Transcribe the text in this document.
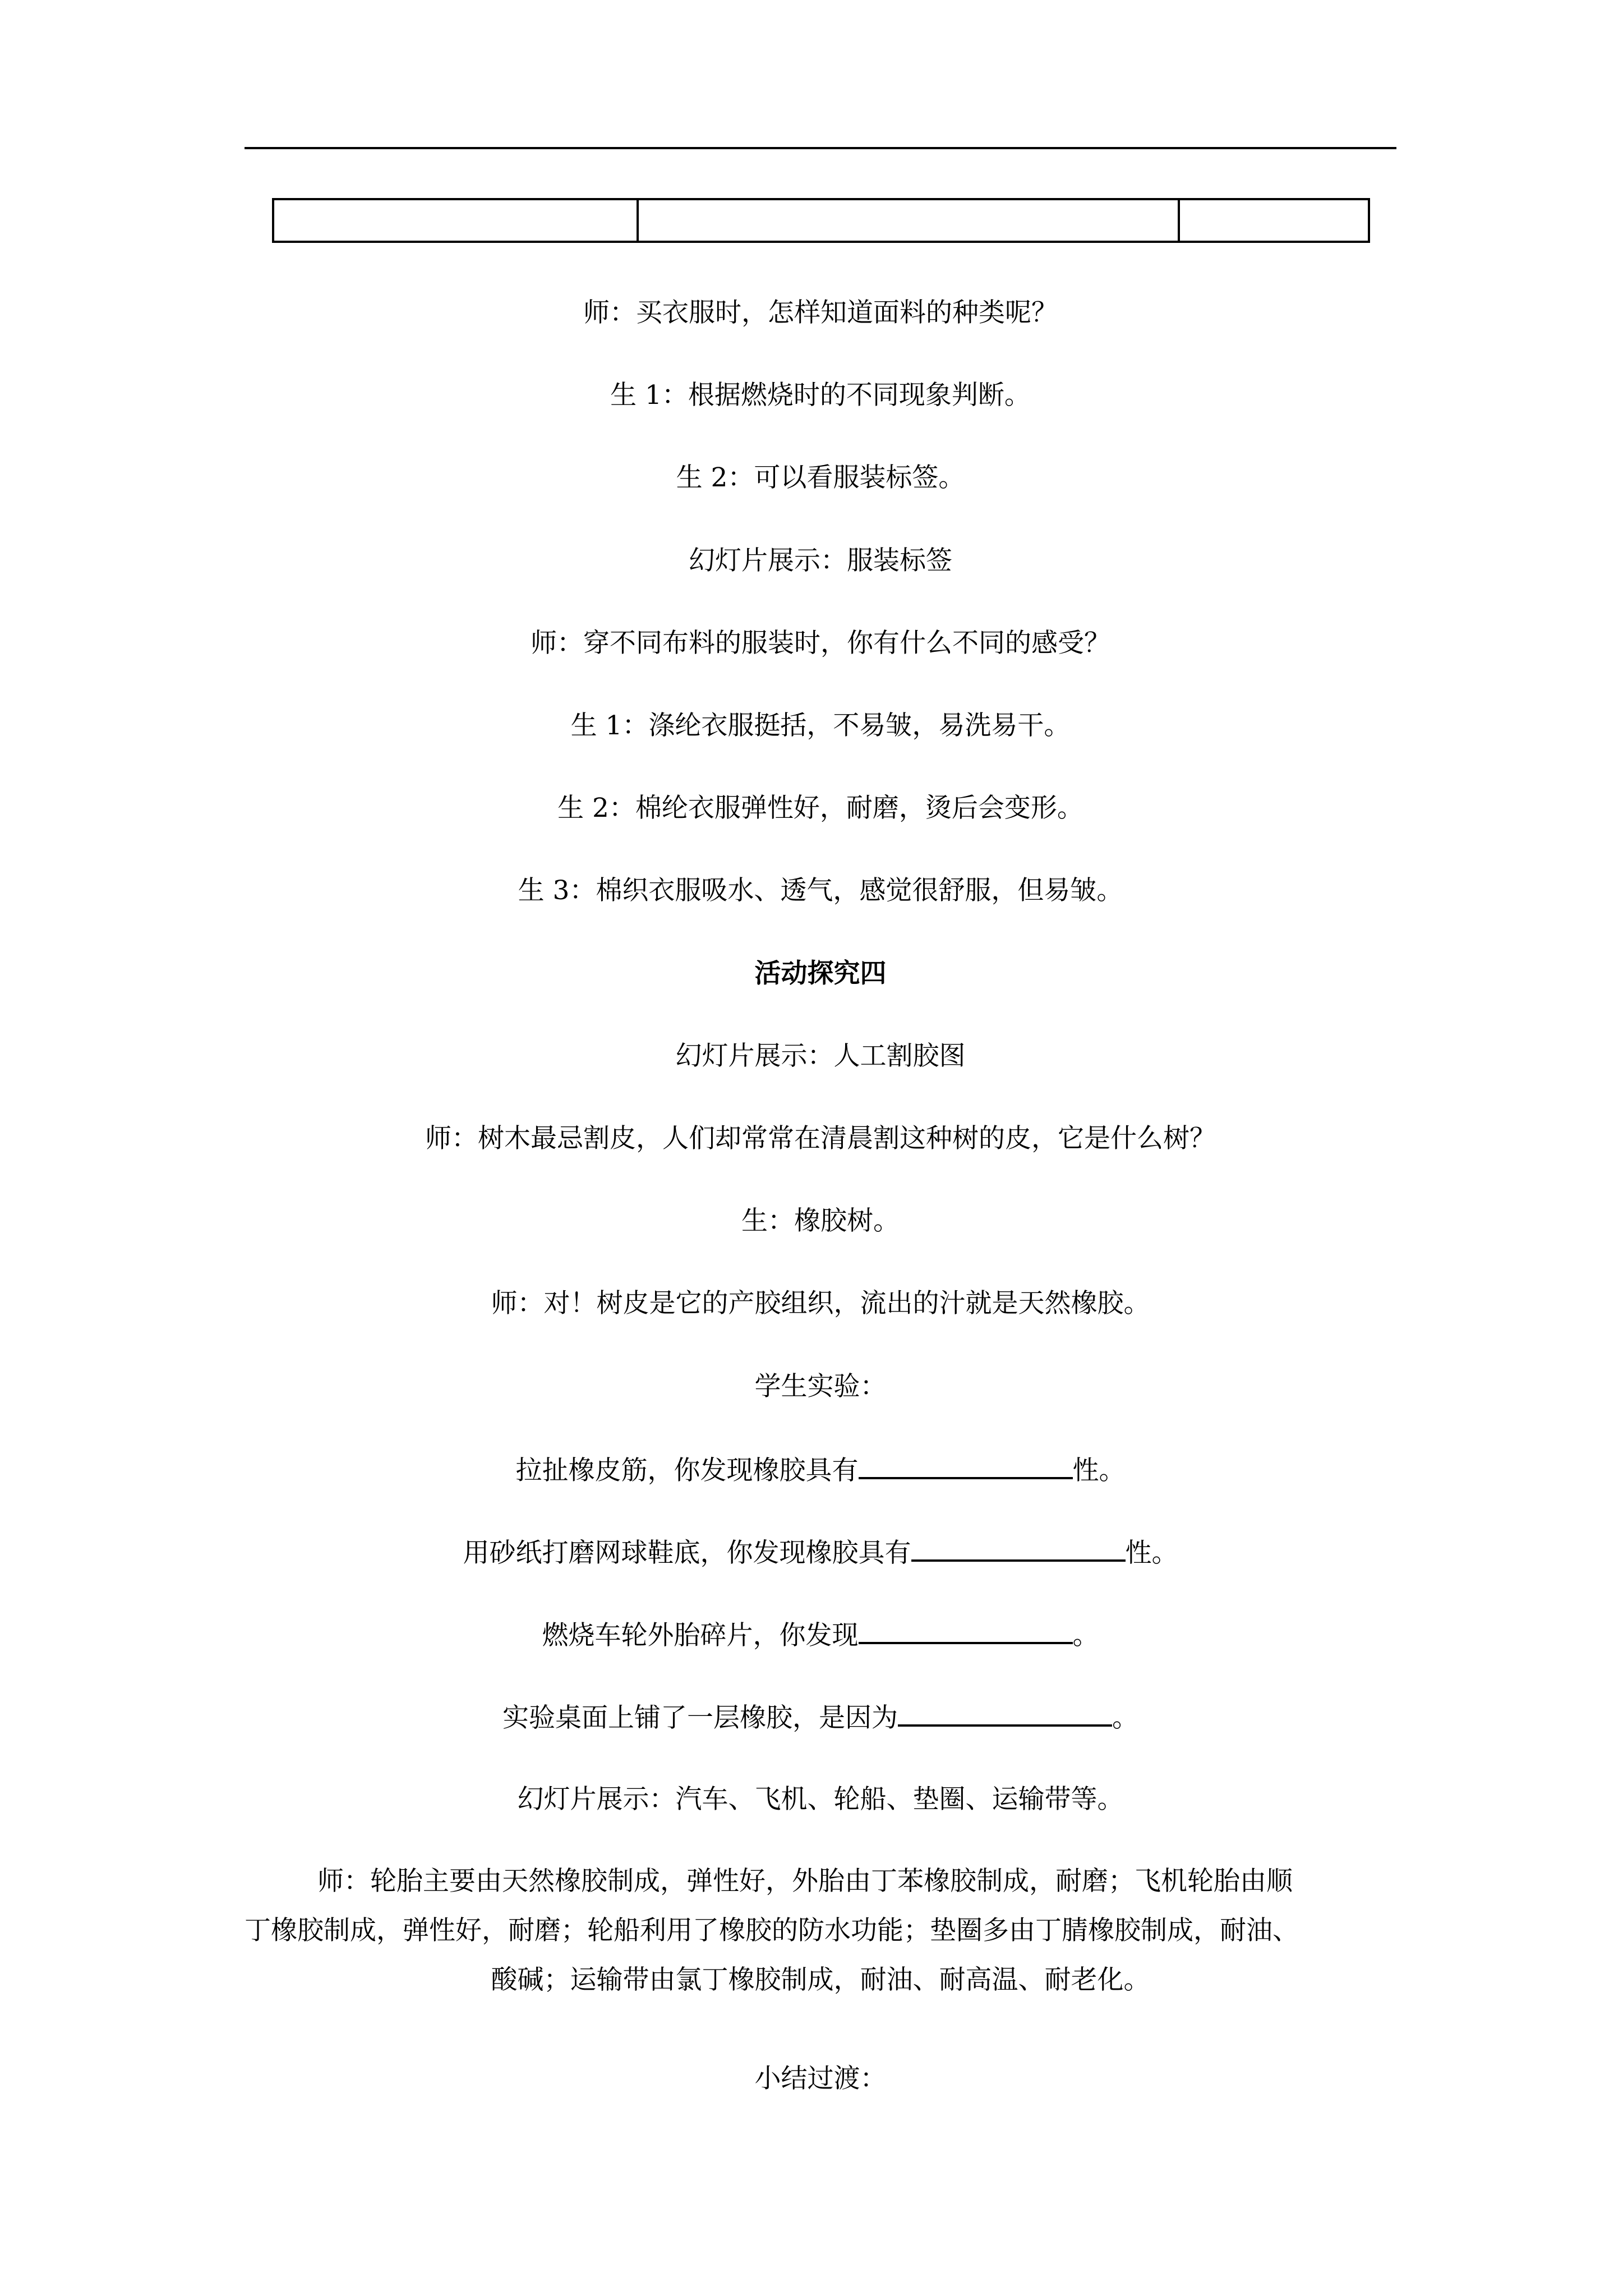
师：买衣服时，怎样知道面料的种类呢？
生 1：根据燃烧时的不同现象判断。
生 2：可以看服装标签。
幻灯片展示：服装标签
师：穿不同布料的服装时，你有什么不同的感受？
生 1：涤纶衣服挺括，不易皱，易洗易干。
生 2：棉纶衣服弹性好，耐磨，烫后会变形。
生 3：棉织衣服吸水、透气，感觉很舒服，但易皱。
活动探究四
幻灯片展示：人工割胶图
师：树木最忌割皮，人们却常常在清晨割这种树的皮，它是什么树？
生：橡胶树。
师：对！树皮是它的产胶组织，流出的汁就是天然橡胶。
学生实验：
拉扯橡皮筋，你发现橡胶具有	性。
用砂纸打磨网球鞋底，你发现橡胶具有	性。
燃烧车轮外胎碎片，你发现	。
实验桌面上铺了一层橡胶，是因为	。
幻灯片展示：汽车、飞机、轮船、垫圈、运输带等。
师：轮胎主要由天然橡胶制成，弹性好，外胎由丁苯橡胶制成，耐磨；飞机轮胎由顺
丁橡胶制成，弹性好，耐磨；轮船利用了橡胶的防水功能；垫圈多由丁腈橡胶制成，耐油、
酸碱；运输带由氯丁橡胶制成，耐油、耐高温、耐老化。
小结过渡：
